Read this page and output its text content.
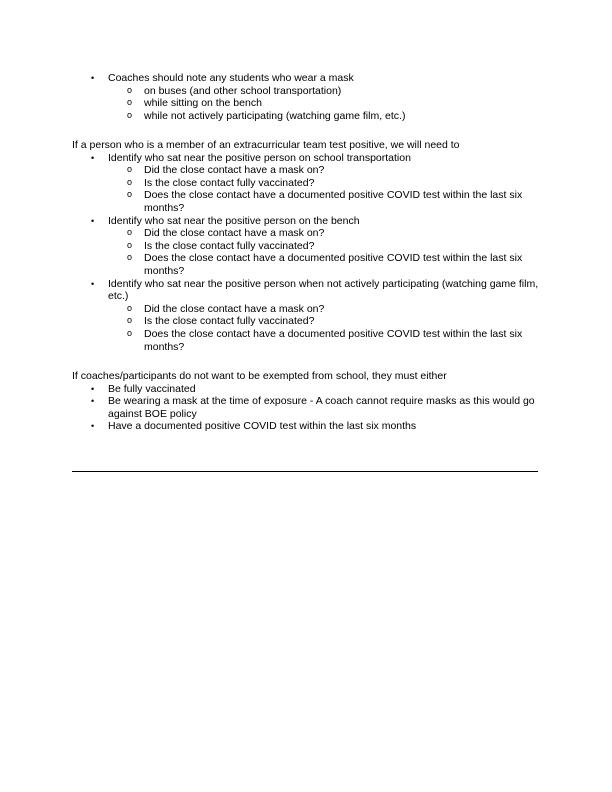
• Coaches should note any students who wear a mask
o on buses (and other school transportation)
o while sitting on the bench
o while not actively participating (watching game film, etc.)

If a person who is a member of an extracurricular team test positive, we will need to

• Identify who sat near the positive person on school transportation
o Did the close contact have a mask on?
o Is the close contact fully vaccinated?
o Does the close contact have a documented positive COVID test within the last six months?
• Identify who sat near the positive person on the bench
o Did the close contact have a mask on?
o Is the close contact fully vaccinated?
o Does the close contact have a documented positive COVID test within the last six months?
• Identify who sat near the positive person when not actively participating (watching game film, etc.)
o Did the close contact have a mask on?
o Is the close contact fully vaccinated?
o Does the close contact have a documented positive COVID test within the last six months?

If coaches/participants do not want to be exempted from school, they must either

• Be fully vaccinated
• Be wearing a mask at the time of exposure - A coach cannot require masks as this would go against BOE policy
• Have a documented positive COVID test within the last six months
